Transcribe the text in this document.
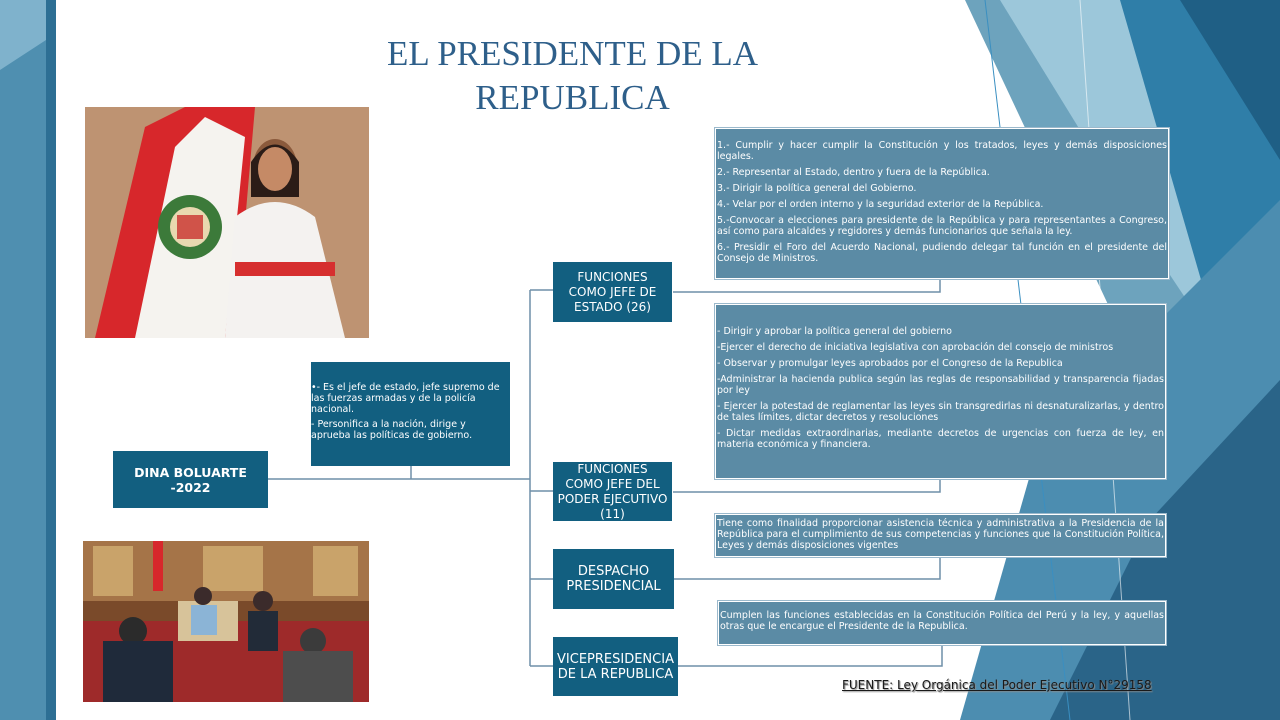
EL PRESIDENTE DE LA REPUBLICA
DINA BOLUARTE -2022

•- Es el jefe de estado, jefe supremo de las fuerzas armadas y de la policía nacional.

- Personifica a la nación, dirige y aprueba las políticas de gobierno.

FUNCIONES COMO JEFE DE ESTADO (26)
FUNCIONES COMO JEFE DEL PODER EJECUTIVO (11)
DESPACHO PRESIDENCIAL
VICEPRESIDENCIA DE LA REPUBLICA

1.- Cumplir y hacer cumplir la Constitución y los tratados, leyes y demás disposiciones legales.

2.- Representar al Estado, dentro y fuera de la República.

3.- Dirigir la política general del Gobierno.

4.- Velar por el orden interno y la seguridad exterior de la República.

5.-Convocar a elecciones para presidente de la República y para representantes a Congreso, así como para alcaldes y regidores y demás funcionarios que señala la ley.

6.- Presidir el Foro del Acuerdo Nacional, pudiendo delegar tal función en el presidente del Consejo de Ministros.

- Dirigir y aprobar la política general del gobierno

-Ejercer el derecho de iniciativa legislativa con aprobación del consejo de ministros

- Observar y promulgar leyes aprobados por el Congreso de la Republica

-Administrar la hacienda publica según las reglas de responsabilidad y transparencia fijadas por ley

- Ejercer la potestad de reglamentar las leyes sin transgredirlas ni desnaturalizarlas, y dentro de tales límites, dictar decretos y resoluciones

- Dictar medidas extraordinarias, mediante decretos de urgencias con fuerza de ley, en materia económica y financiera.

Tiene como finalidad proporcionar asistencia técnica y administrativa a la Presidencia de la República para el cumplimiento de sus competencias y funciones que la Constitución Política, Leyes y demás disposiciones vigentes

Cumplen las funciones establecidas en la Constitución Política del Perú y la ley, y aquellas otras que le encargue el Presidente de la Republica.

FUENTE: Ley Orgánica del Poder Ejecutivo N°29158
